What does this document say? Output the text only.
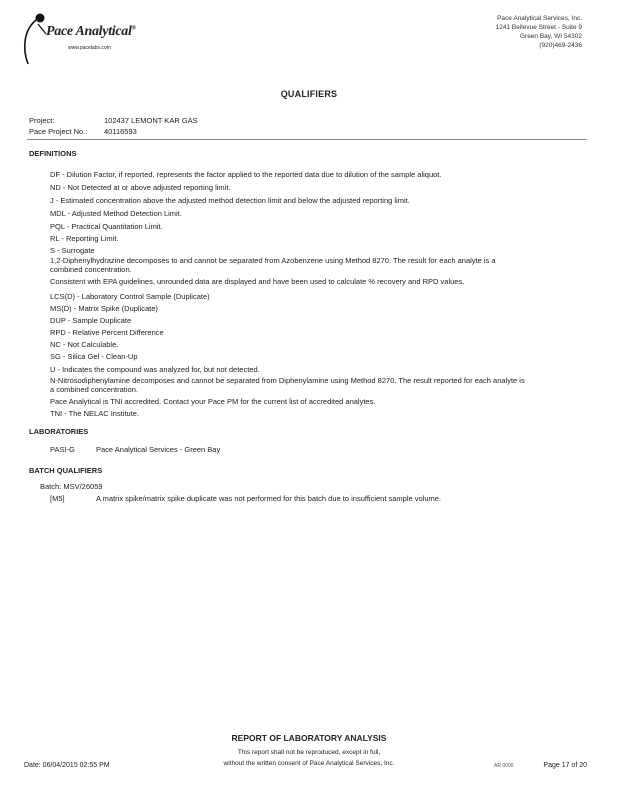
Pace Analytical®
www.pacelabs.com
Pace Analytical Services, Inc.
1241 Bellevue Street - Suite 9
Green Bay, WI 54302
(920)469-2436
QUALIFIERS
Project:	102437 LEMONT KAR GAS
Pace Project No.: 40116593
DEFINITIONS
DF - Dilution Factor, if reported, represents the factor applied to the reported data due to dilution of the sample aliquot.
ND - Not Detected at or above adjusted reporting limit.
J - Estimated concentration above the adjusted method detection limit and below the adjusted reporting limit.
MDL - Adjusted Method Detection Limit.
PQL - Practical Quantitation Limit.
RL - Reporting Limit.
S - Surrogate
1,2-Diphenylhydrazine decomposes to and cannot be separated from Azobenzene using Method 8270. The result for each analyte is a combined concentration.
Consistent with EPA guidelines, unrounded data are displayed and have been used to calculate % recovery and RPD values.
LCS(D) - Laboratory Control Sample (Duplicate)
MS(D) - Matrix Spike (Duplicate)
DUP - Sample Duplicate
RPD - Relative Percent Difference
NC - Not Calculable.
SG - Silica Gel - Clean-Up
U - Indicates the compound was analyzed for, but not detected.
N-Nitrosodiphenylamine decomposes and cannot be separated from Diphenylamine using Method 8270. The result reported for each analyte is a combined concentration.
Pace Analytical is TNI accredited. Contact your Pace PM for the current list of accredited analytes.
TNI - The NELAC Institute.
LABORATORIES
PASI-G	Pace Analytical Services - Green Bay
BATCH QUALIFIERS
Batch: MSV/26059
[M5]	A matrix spike/matrix spike duplicate was not performed for this batch due to insufficient sample volume.
REPORT OF LABORATORY ANALYSIS
This report shall not be reproduced, except in full,
without the written consent of Pace Analytical Services, Inc.
Date: 06/04/2015 02:55 PM	AR 0000	Page 17 of 20
